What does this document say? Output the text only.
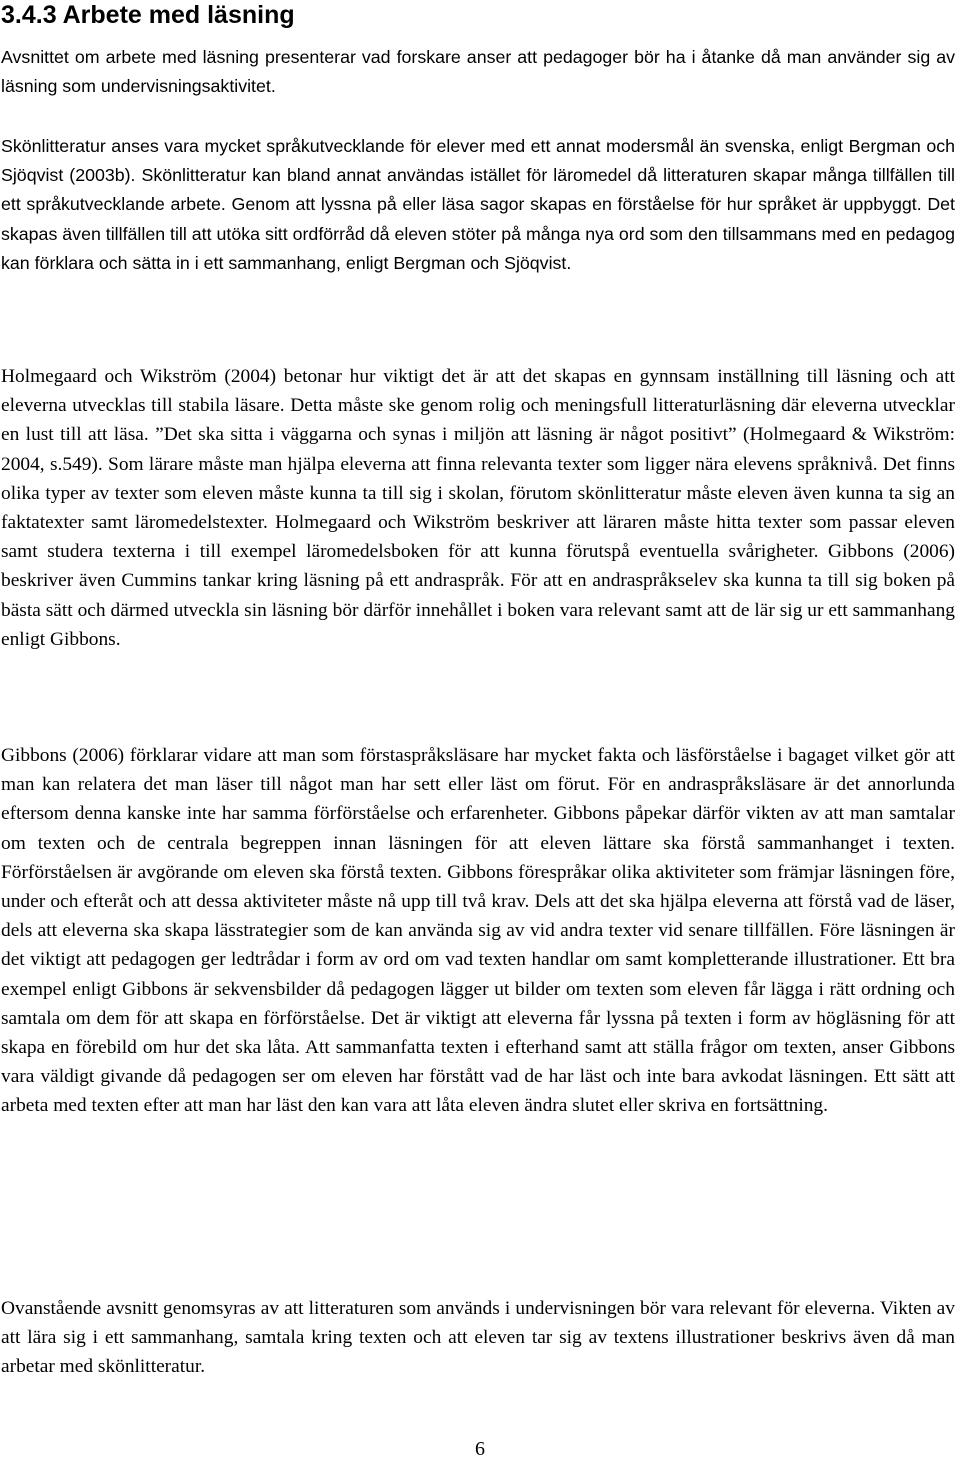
3.4.3 Arbete med läsning

Avsnittet om arbete med läsning presenterar vad forskare anser att pedagoger bör ha i åtanke då man använder sig av läsning som undervisningsaktivitet.

Skönlitteratur anses vara mycket språkutvecklande för elever med ett annat modersmål än svenska, enligt Bergman och Sjöqvist (2003b). Skönlitteratur kan bland annat användas istället för läromedel då litteraturen skapar många tillfällen till ett språkutvecklande arbete. Genom att lyssna på eller läsa sagor skapas en förståelse för hur språket är uppbyggt. Det skapas även tillfällen till att utöka sitt ordförråd då eleven stöter på många nya ord som den tillsammans med en pedagog kan förklara och sätta in i ett sammanhang, enligt Bergman och Sjöqvist.

Holmegaard och Wikström (2004) betonar hur viktigt det är att det skapas en gynnsam inställning till läsning och att eleverna utvecklas till stabila läsare. Detta måste ske genom rolig och meningsfull litteraturläsning där eleverna utvecklar en lust till att läsa. ”Det ska sitta i väggarna och synas i miljön att läsning är något positivt” (Holmegaard & Wikström: 2004, s.549). Som lärare måste man hjälpa eleverna att finna relevanta texter som ligger nära elevens språknivå. Det finns olika typer av texter som eleven måste kunna ta till sig i skolan, förutom skönlitteratur måste eleven även kunna ta sig an faktatexter samt läromedelstexter. Holmegaard och Wikström beskriver att läraren måste hitta texter som passar eleven samt studera texterna i till exempel läromedelsboken för att kunna förutspå eventuella svårigheter. Gibbons (2006) beskriver även Cummins tankar kring läsning på ett andraspråk. För att en andraspråkselev ska kunna ta till sig boken på bästa sätt och därmed utveckla sin läsning bör därför innehållet i boken vara relevant samt att de lär sig ur ett sammanhang enligt Gibbons.

Gibbons (2006) förklarar vidare att man som förstaspråksläsare har mycket fakta och läsförståelse i bagaget vilket gör att man kan relatera det man läser till något man har sett eller läst om förut. För en andraspråksläsare är det annorlunda eftersom denna kanske inte har samma förförståelse och erfarenheter. Gibbons påpekar därför vikten av att man samtalar om texten och de centrala begreppen innan läsningen för att eleven lättare ska förstå sammanhanget i texten. Förförståelsen är avgörande om eleven ska förstå texten. Gibbons förespråkar olika aktiviteter som främjar läsningen före, under och efteråt och att dessa aktiviteter måste nå upp till två krav. Dels att det ska hjälpa eleverna att förstå vad de läser, dels att eleverna ska skapa lässtrategier som de kan använda sig av vid andra texter vid senare tillfällen. Före läsningen är det viktigt att pedagogen ger ledtrådar i form av ord om vad texten handlar om samt kompletterande illustrationer. Ett bra exempel enligt Gibbons är sekvensbilder då pedagogen lägger ut bilder om texten som eleven får lägga i rätt ordning och samtala om dem för att skapa en förförståelse. Det är viktigt att eleverna får lyssna på texten i form av högläsning för att skapa en förebild om hur det ska låta. Att sammanfatta texten i efterhand samt att ställa frågor om texten, anser Gibbons vara väldigt givande då pedagogen ser om eleven har förstått vad de har läst och inte bara avkodat läsningen. Ett sätt att arbeta med texten efter att man har läst den kan vara att låta eleven ändra slutet eller skriva en fortsättning.

Ovanstående avsnitt genomsyras av att litteraturen som används i undervisningen bör vara relevant för eleverna. Vikten av att lära sig i ett sammanhang, samtala kring texten och att eleven tar sig av textens illustrationer beskrivs även då man arbetar med skönlitteratur.

6
